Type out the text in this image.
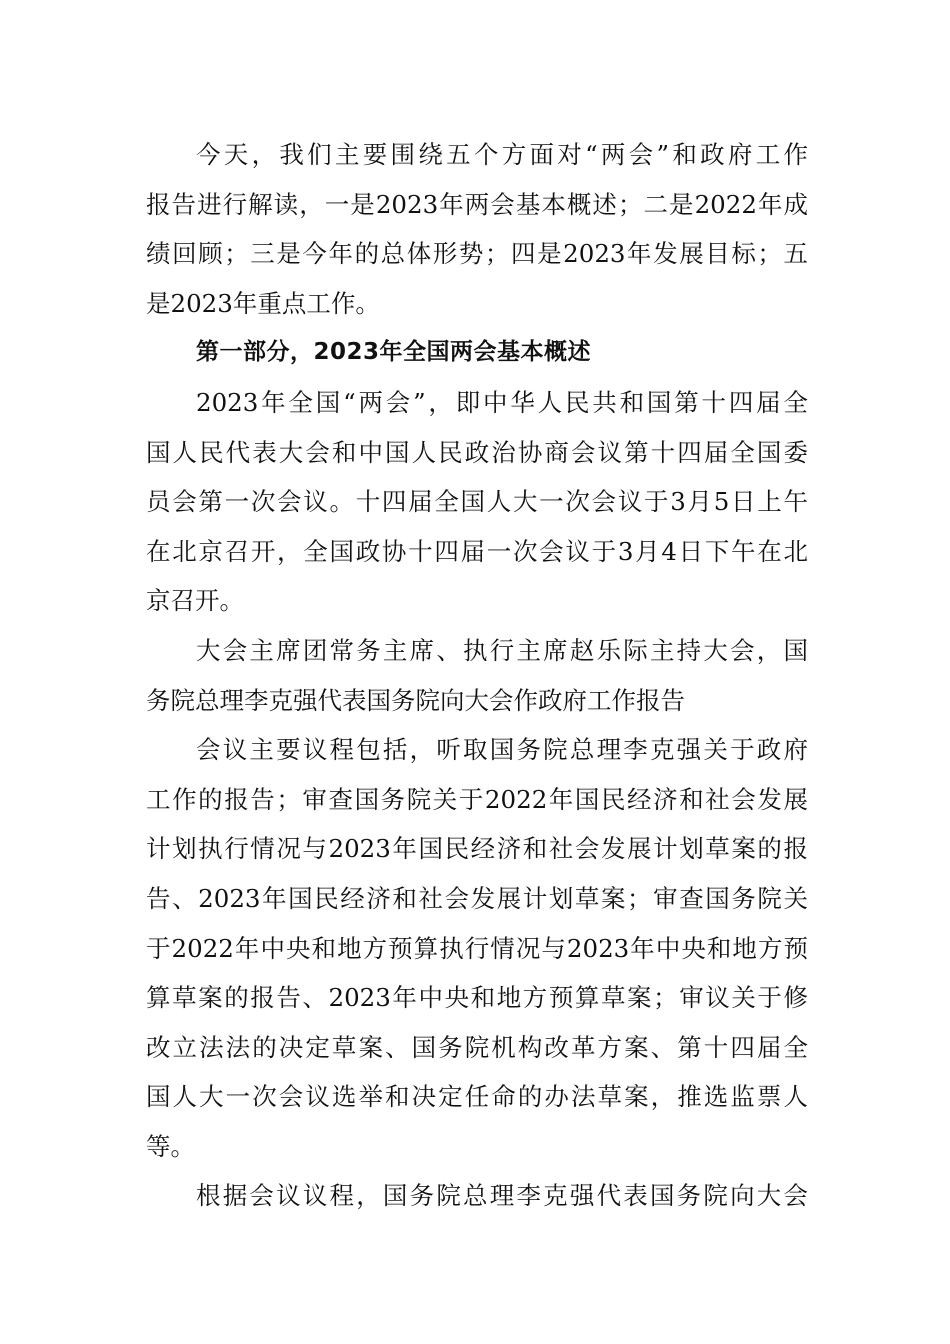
今天，我们主要围绕五个方面对“两会”和政府工作
报告进行解读，一是2023年两会基本概述；二是2022年成
绩回顾；三是今年的总体形势；四是2023年发展目标；五
是2023年重点工作。
第一部分，2023年全国两会基本概述
2023年全国“两会”，即中华人民共和国第十四届全
国人民代表大会和中国人民政治协商会议第十四届全国委
员会第一次会议。十四届全国人大一次会议于3月5日上午
在北京召开，全国政协十四届一次会议于3月4日下午在北
京召开。
大会主席团常务主席、执行主席赵乐际主持大会，国
务院总理李克强代表国务院向大会作政府工作报告
会议主要议程包括，听取国务院总理李克强关于政府
工作的报告；审查国务院关于2022年国民经济和社会发展
计划执行情况与2023年国民经济和社会发展计划草案的报
告、2023年国民经济和社会发展计划草案；审查国务院关
于2022年中央和地方预算执行情况与2023年中央和地方预
算草案的报告、2023年中央和地方预算草案；审议关于修
改立法法的决定草案、国务院机构改革方案、第十四届全
国人大一次会议选举和决定任命的办法草案，推选监票人
等。
根据会议议程，国务院总理李克强代表国务院向大会
